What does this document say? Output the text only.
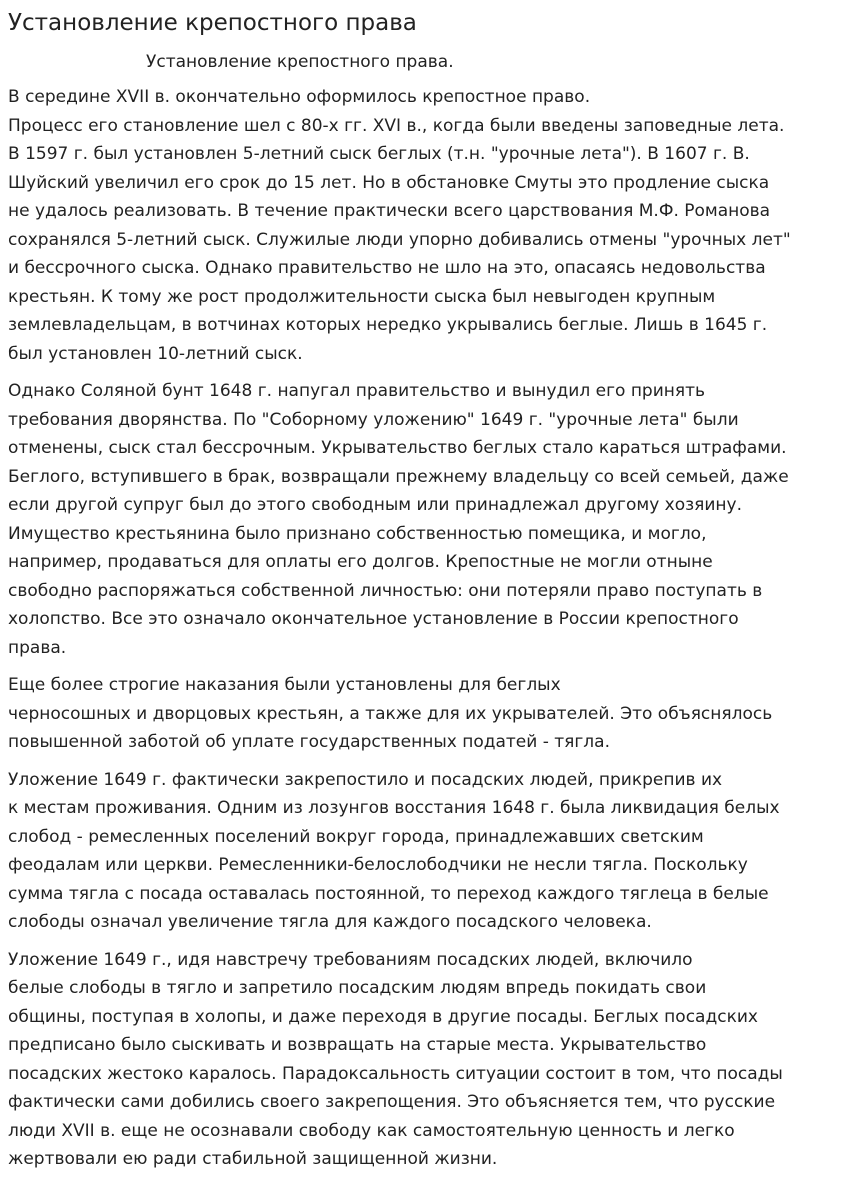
Установление крепостного права
Установление крепостного права.

В середине XVII в. окончательно оформилось крепостное право.
Процесс его становление шел с 80-х гг. XVI в., когда были введены заповедные лета.
В 1597 г. был установлен 5-летний сыск беглых (т.н. "урочные лета"). В 1607 г. В.
Шуйский увеличил его срок до 15 лет. Но в обстановке Смуты это продление сыска
не удалось реализовать. В течение практически всего царствования М.Ф. Романова
сохранялся 5-летний сыск. Служилые люди упорно добивались отмены "урочных лет"
и бессрочного сыска. Однако правительство не шло на это, опасаясь недовольства
крестьян. К тому же рост продолжительности сыска был невыгоден крупным
землевладельцам, в вотчинах которых нередко укрывались беглые. Лишь в 1645 г.
был установлен 10-летний сыск.

Однако Соляной бунт 1648 г. напугал правительство и вынудил его принять
требования дворянства. По "Соборному уложению" 1649 г. "урочные лета" были
отменены, сыск стал бессрочным. Укрывательство беглых стало караться штрафами.
Беглого, вступившего в брак, возвращали прежнему владельцу со всей семьей, даже
если другой супруг был до этого свободным или принадлежал другому хозяину.
Имущество крестьянина было признано собственностью помещика, и могло,
например, продаваться для оплаты его долгов. Крепостные не могли отныне
свободно распоряжаться собственной личностью: они потеряли право поступать в
холопство. Все это означало окончательное установление в России крепостного
права.

Еще более строгие наказания были установлены для беглых
черносошных и дворцовых крестьян, а также для их укрывателей. Это объяснялось
повышенной заботой об уплате государственных податей - тягла.

Уложение 1649 г. фактически закрепостило и посадских людей, прикрепив их
к местам проживания. Одним из лозунгов восстания 1648 г. была ликвидация белых
слобод - ремесленных поселений вокруг города, принадлежавших светским
феодалам или церкви. Ремесленники-белослободчики не несли тягла. Поскольку
сумма тягла с посада оставалась постоянной, то переход каждого тяглеца в белые
слободы означал увеличение тягла для каждого посадского человека.

Уложение 1649 г., идя навстречу требованиям посадских людей, включило
белые слободы в тягло и запретило посадским людям впредь покидать свои
общины, поступая в холопы, и даже переходя в другие посады. Беглых посадских
предписано было сыскивать и возвращать на старые места. Укрывательство
посадских жестоко каралось. Парадоксальность ситуации состоит в том, что посады
фактически сами добились своего закрепощения. Это объясняется тем, что русские
люди XVII в. еще не осознавали свободу как самостоятельную ценность и легко
жертвовали ею ради стабильной защищенной жизни.
